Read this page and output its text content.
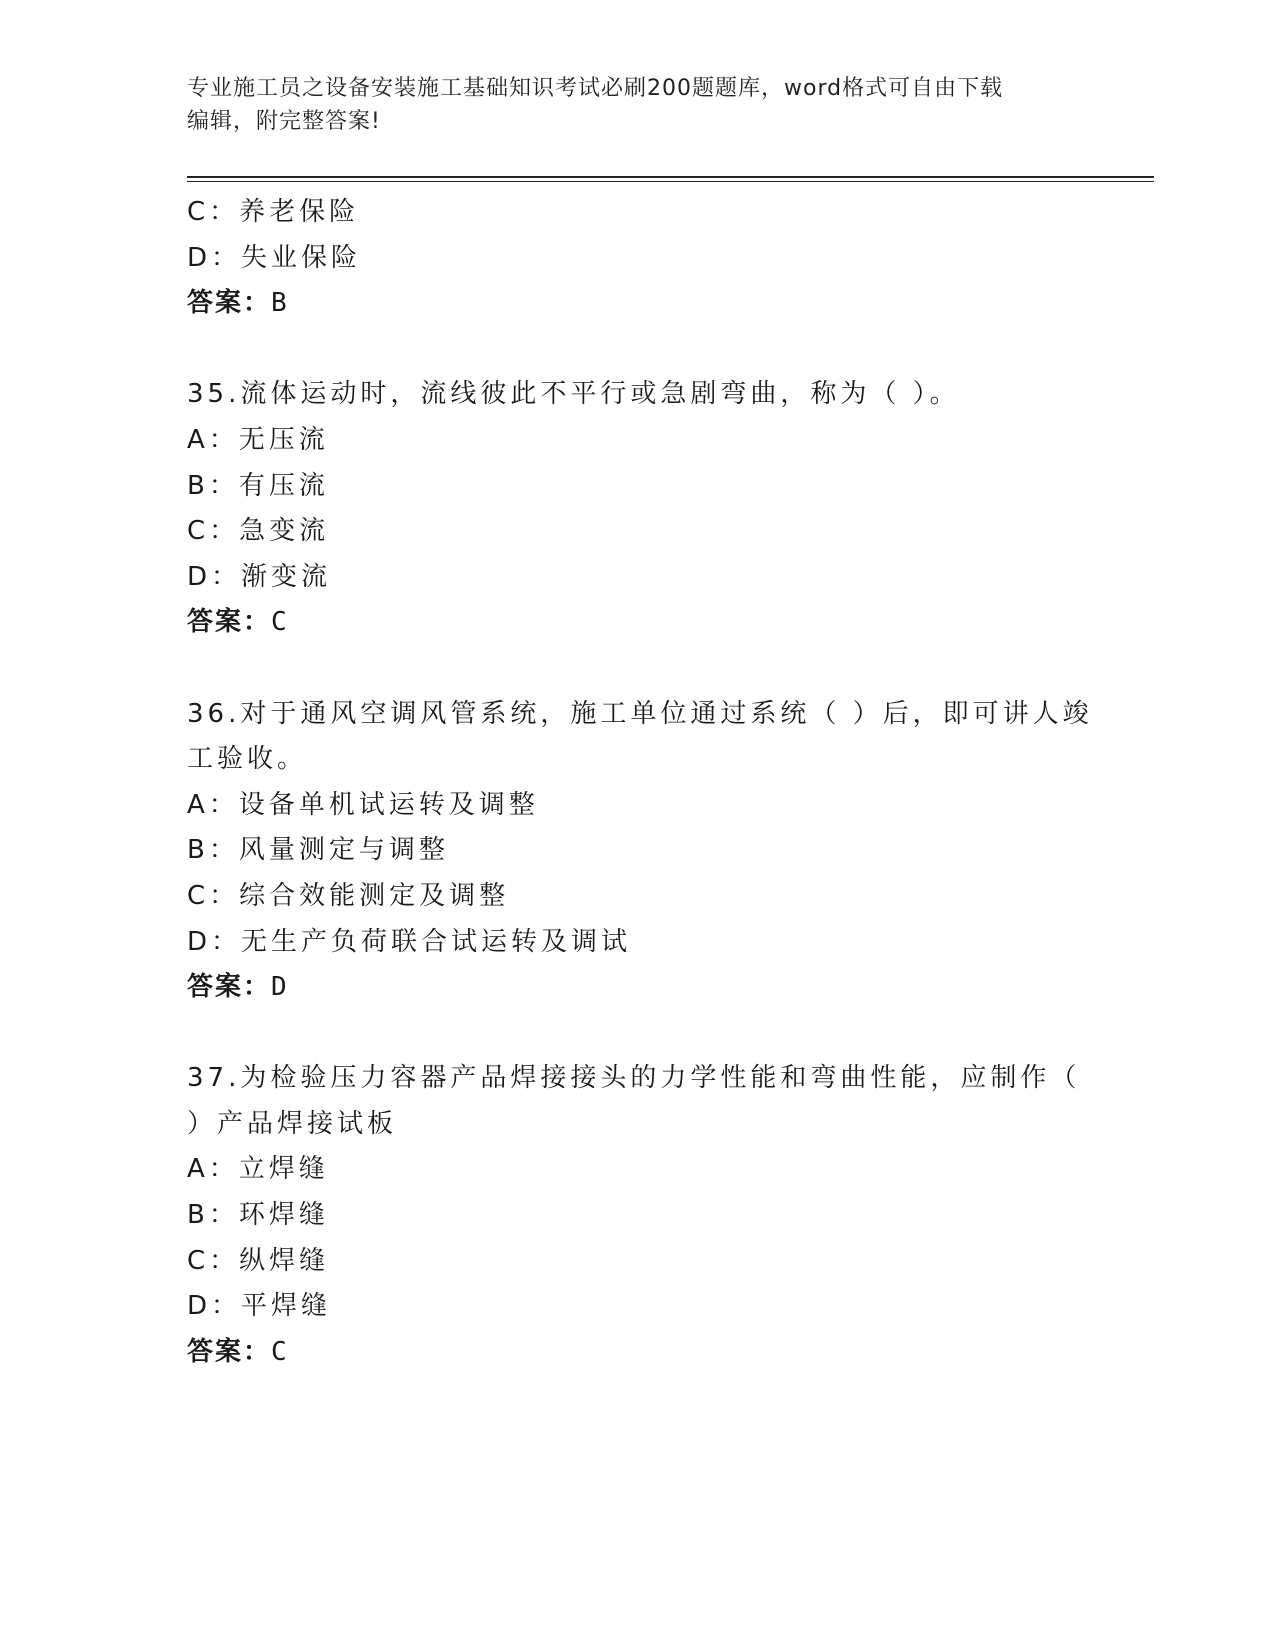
专业施工员之设备安装施工基础知识考试必刷200题题库，word格式可自由下载
编辑，附完整答案!
C：养老保险
D：失业保险
答案：B
35.流体运动时，流线彼此不平行或急剧弯曲，称为（ ）。
A：无压流
B：有压流
C：急变流
D：渐变流
答案：C
36.对于通风空调风管系统，施工单位通过系统（ ）后，即可讲人竣
工验收。
A：设备单机试运转及调整
B：风量测定与调整
C：综合效能测定及调整
D：无生产负荷联合试运转及调试
答案：D
37.为检验压力容器产品焊接接头的力学性能和弯曲性能，应制作（
）产品焊接试板
A：立焊缝
B：环焊缝
C：纵焊缝
D：平焊缝
答案：C
